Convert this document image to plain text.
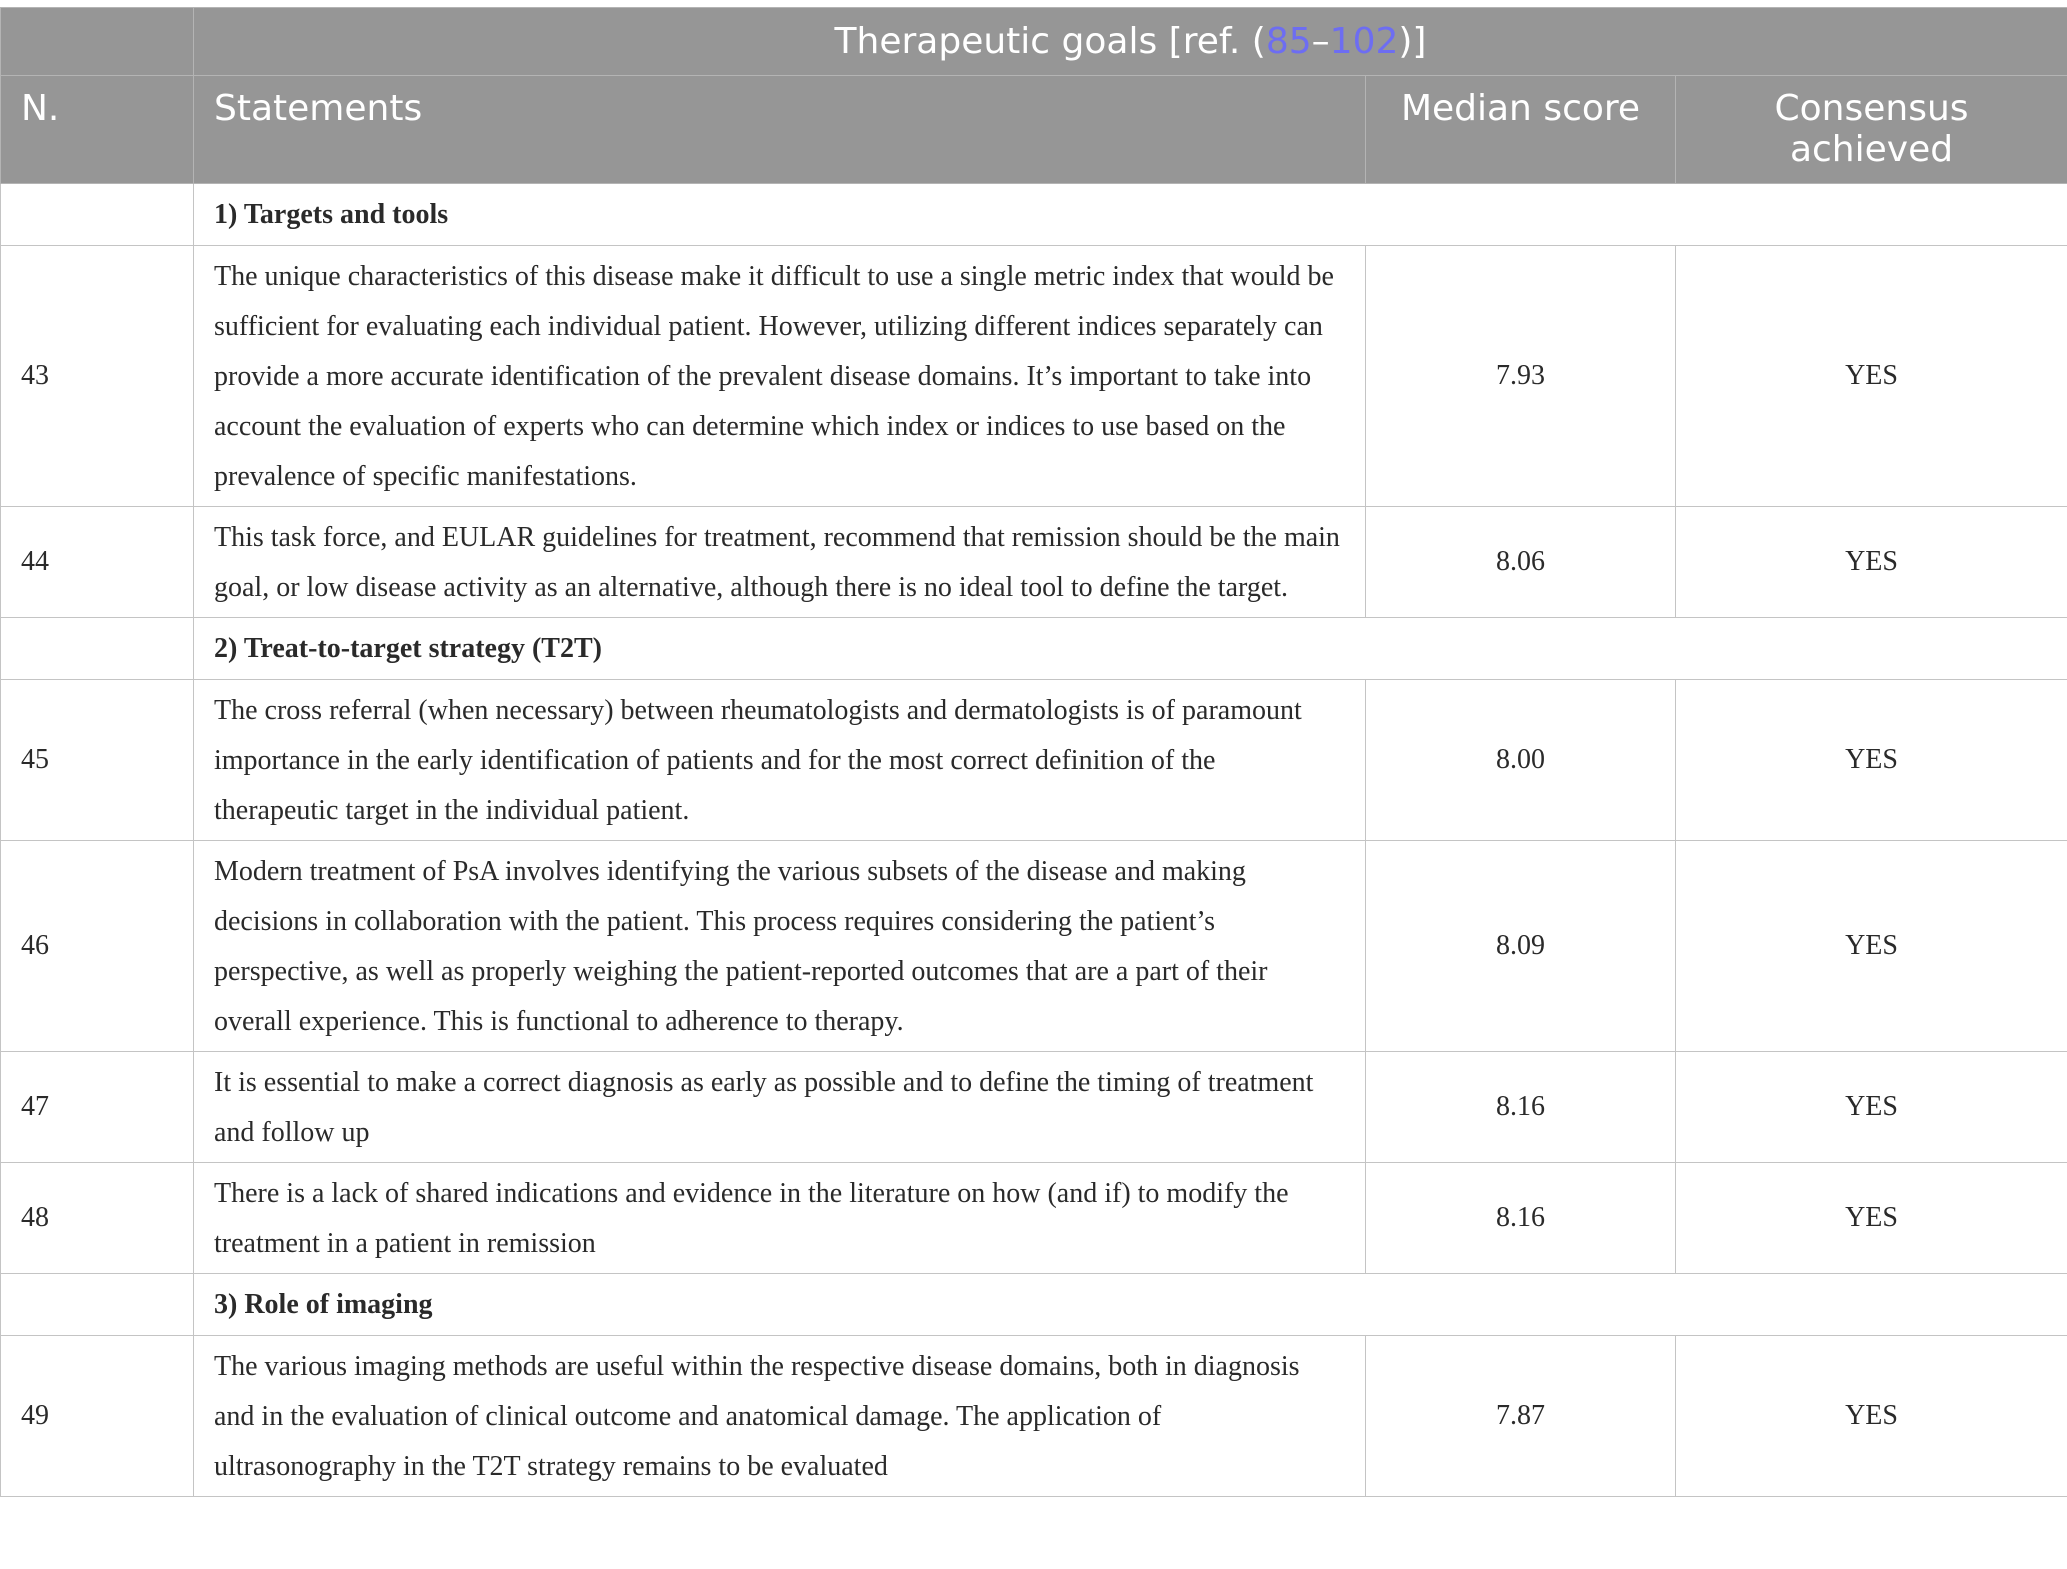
	Therapeutic goals [ref. (85–102)]		
N.	Statements	Median score	Consensus achieved
	1) Targets and tools		
43	The unique characteristics of this disease make it difficult to use a single metric index that would be sufficient for evaluating each individual patient. However, utilizing different indices separately can provide a more accurate identification of the prevalent disease domains. It’s important to take into account the evaluation of experts who can determine which index or indices to use based on the prevalence of specific manifestations.	7.93	YES
44	This task force, and EULAR guidelines for treatment, recommend that remission should be the main goal, or low disease activity as an alternative, although there is no ideal tool to define the target.	8.06	YES
	2) Treat-to-target strategy (T2T)		
45	The cross referral (when necessary) between rheumatologists and dermatologists is of paramount importance in the early identification of patients and for the most correct definition of the therapeutic target in the individual patient.	8.00	YES
46	Modern treatment of PsA involves identifying the various subsets of the disease and making decisions in collaboration with the patient. This process requires considering the patient’s perspective, as well as properly weighing the patient-reported outcomes that are a part of their overall experience. This is functional to adherence to therapy.	8.09	YES
47	It is essential to make a correct diagnosis as early as possible and to define the timing of treatment and follow up	8.16	YES
48	There is a lack of shared indications and evidence in the literature on how (and if) to modify the treatment in a patient in remission	8.16	YES
	3) Role of imaging		
49	The various imaging methods are useful within the respective disease domains, both in diagnosis and in the evaluation of clinical outcome and anatomical damage. The application of ultrasonography in the T2T strategy remains to be evaluated	7.87	YES
